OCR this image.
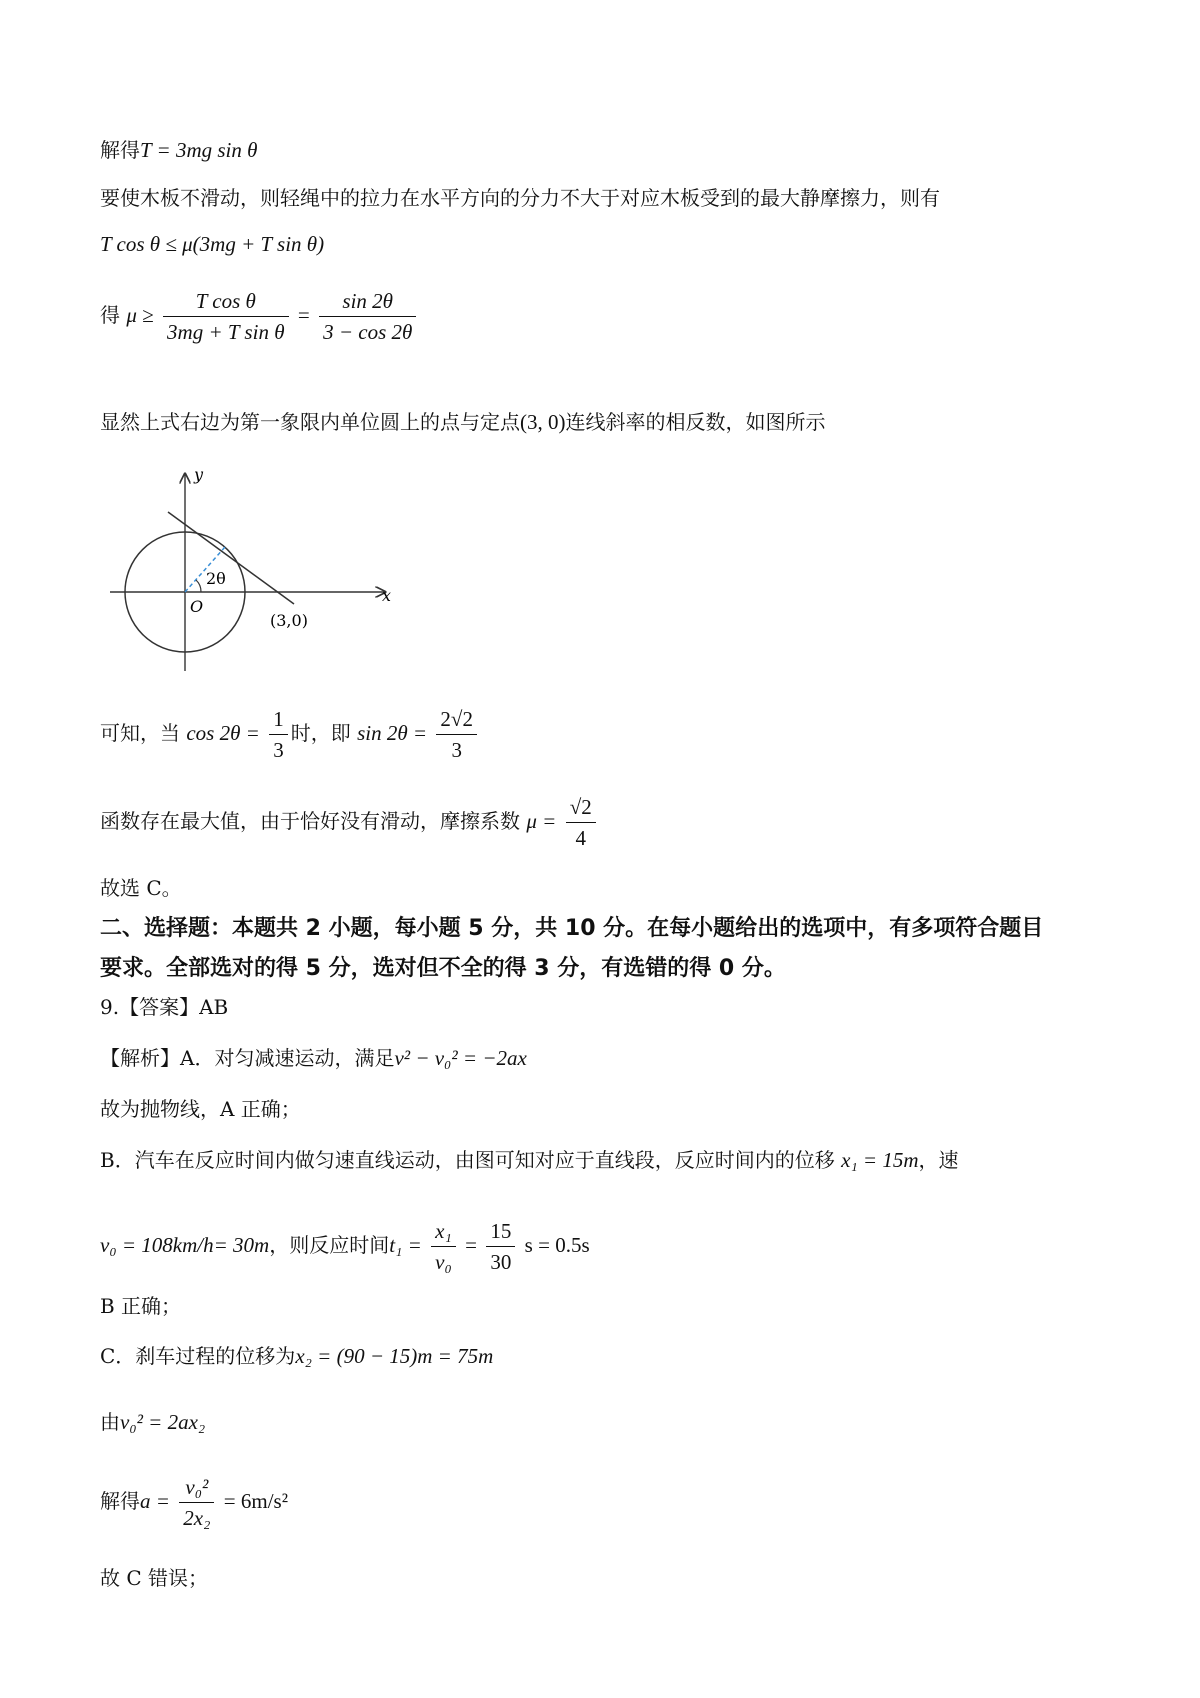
解得T = 3mg sin θ
要使木板不滑动，则轻绳中的拉力在水平方向的分力不大于对应木板受到的最大静摩擦力，则有
T cos θ ≤ μ(3mg + T sin θ)
得 $\mu \ge \frac{\text{T cos θ}}{\text{3mg + T sin θ}} = \frac{\sin 2\theta}{3 - \cos 2\theta}$
显然上式右边为第一象限内单位圆上的点与定点(3, 0)连线斜率的相反数，如图所示
y
x
O
2θ
(3,0)
可知，当 $\cos 2\theta = \frac{1}{3}$ 时，即 $\sin 2\theta = \frac{2√2}{3}$
函数存在最大值，由于恰好没有滑动，摩擦系数 $\mu = \frac{√2}{4}$
故选 C。
二、选择题：本题共 2 小题，每小题 5 分，共 10 分。在每小题给出的选项中，有多项符合题目
要求。全部选对的得 5 分，选对但不全的得 3 分，有选错的得 0 分。
9.【答案】AB
【解析】A．对匀减速运动，满足v² − v₀² = −2ax
故为抛物线，A 正确；
B．汽车在反应时间内做匀速直线运动，由图可知对应于直线段，反应时间内的位移 x₁ = 15m，速
v₀ = 108km/h= 30m，则反应时间$t_1 = \frac{\text{x₁}}{\text{v₀}} = \frac{15}{30}$ s = 0.5s
B 正确；
C．刹车过程的位移为x₂ = (90 − 15)m = 75m
由v₀² = 2ax₂
解得$a = \frac{\text{v₀²}}{\text{2x₂}} = 6m/s^2$
故 C 错误；
